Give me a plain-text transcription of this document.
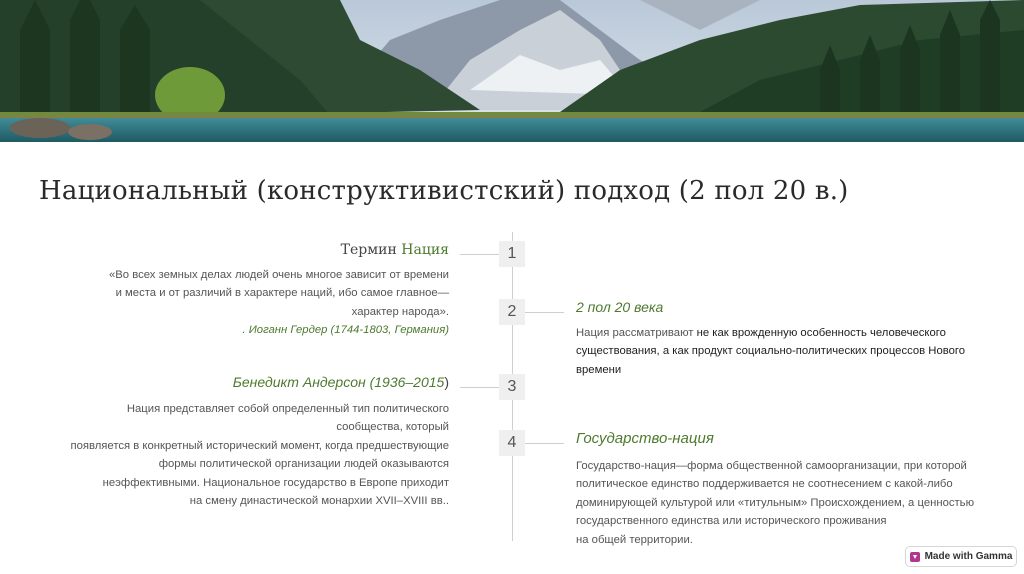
Национальный (конструктивистский) подход (2 пол 20 в.)
1
2
3
4
Термин Нация
«Во всех земных делах людей очень многое зависит от времени
и места и от различий в характере наций, ибо самое главное—
характер народа».
. Иоганн Гердер (1744-1803, Германия)
2 пол 20 века
Нация рассматривают не как врожденную особенность человеческого
существования, а как продукт социально-политических процессов Нового
времени
Бенедикт Андерсон (1936–2015)
Нация представляет собой определенный тип политического
сообщества, который
появляется в конкретный исторический момент, когда предшествующие
формы политической организации людей оказываются
неэффективными. Национальное государство в Европе приходит
на смену династической монархии XVII–XVIII вв..
Государство-нация
Государство-нация—форма общественной самоорганизации, при которой
политическое единство поддерживается не соотнесением с какой-либо
доминирующей культурой или «титульным» Происхождением, а ценностью
государственного единства или исторического проживания
на общей территории.
Made with Gamma
